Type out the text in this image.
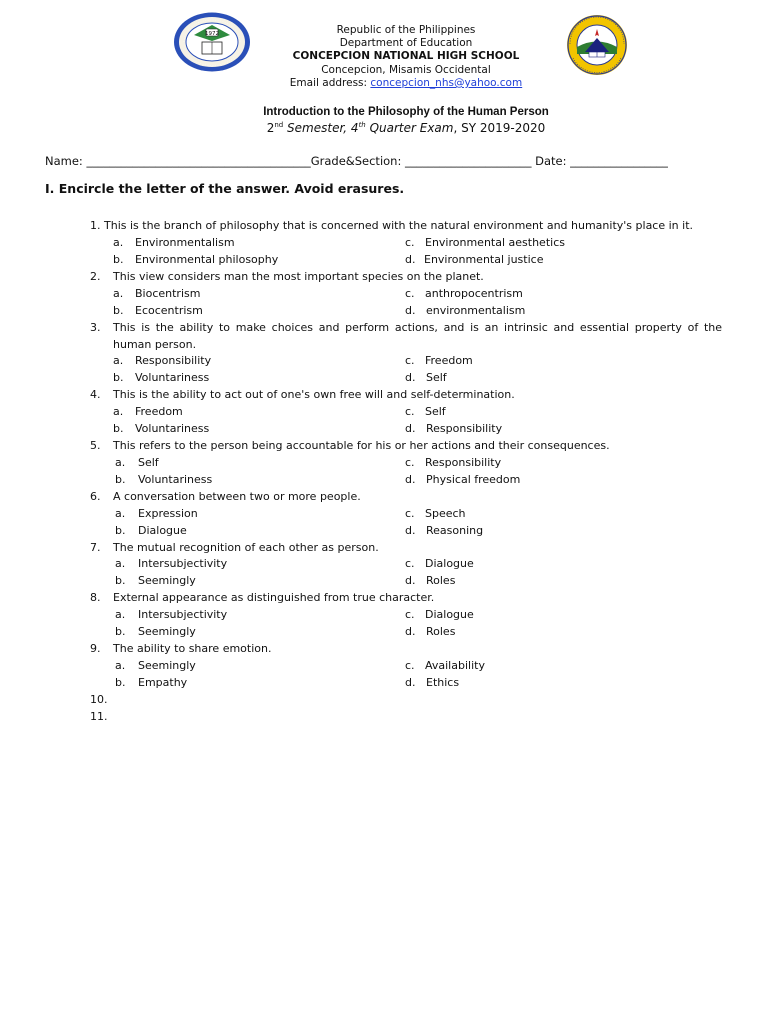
1972	Republic of the Philippines
Department of Education
CONCEPCION NATIONAL HIGH SCHOOL
Concepcion, Misamis Occidental
Email address: concepcion_nhs@yahoo.com
Introduction to the Philosophy of the Human Person
2nd Semester, 4th Quarter Exam, SY 2019-2020
Name: _______________________________________Grade&Section: ______________________ Date: _________________
I. Encircle the letter of the answer. Avoid erasures.
1. This is the branch of philosophy that is concerned with the natural environment and humanity's place in it.
a. Environmentalism	c. Environmental aesthetics
b. Environmental philosophy	d. Environmental justice
2. This view considers man the most important species on the planet.
a. Biocentrism	c. anthropocentrism
b. Ecocentrism	d. environmentalism
3. This is the ability to make choices and perform actions, and is an intrinsic and essential property of the human person.
a. Responsibility	c. Freedom
b. Voluntariness	d. Self
4. This is the ability to act out of one's own free will and self-determination.
a. Freedom	c. Self
b. Voluntariness	d. Responsibility
5. This refers to the person being accountable for his or her actions and their consequences.
a. Self	c. Responsibility
b. Voluntariness	d. Physical freedom
6. A conversation between two or more people.
a. Expression	c. Speech
b. Dialogue	d. Reasoning
7. The mutual recognition of each other as person.
a. Intersubjectivity	c. Dialogue
b. Seemingly	d. Roles
8. External appearance as distinguished from true character.
a. Intersubjectivity	c. Dialogue
b. Seemingly	d. Roles
9. The ability to share emotion.
a. Seemingly	c. Availability
b. Empathy	d. Ethics
10.
11.
